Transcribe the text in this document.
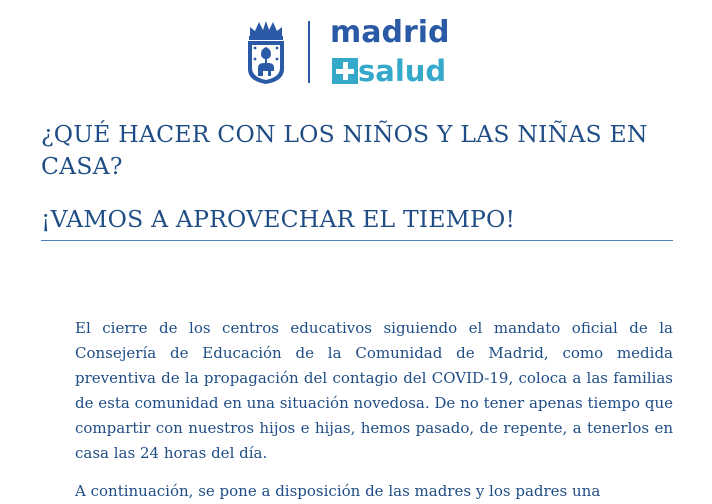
madrid
salud
¿QUÉ HACER CON LOS NIÑOS Y LAS NIÑAS EN CASA?
¡VAMOS A APROVECHAR EL TIEMPO!

El cierre de los centros educativos siguiendo el mandato oficial de la Consejería de Educación de la Comunidad de Madrid, como medida preventiva de la propagación del contagio del COVID-19, coloca a las familias de esta comunidad en una situación novedosa. De no tener apenas tiempo que compartir con nuestros hijos e hijas, hemos pasado, de repente, a tenerlos en casa las 24 horas del día.

A continuación, se pone a disposición de las madres y los padres una
